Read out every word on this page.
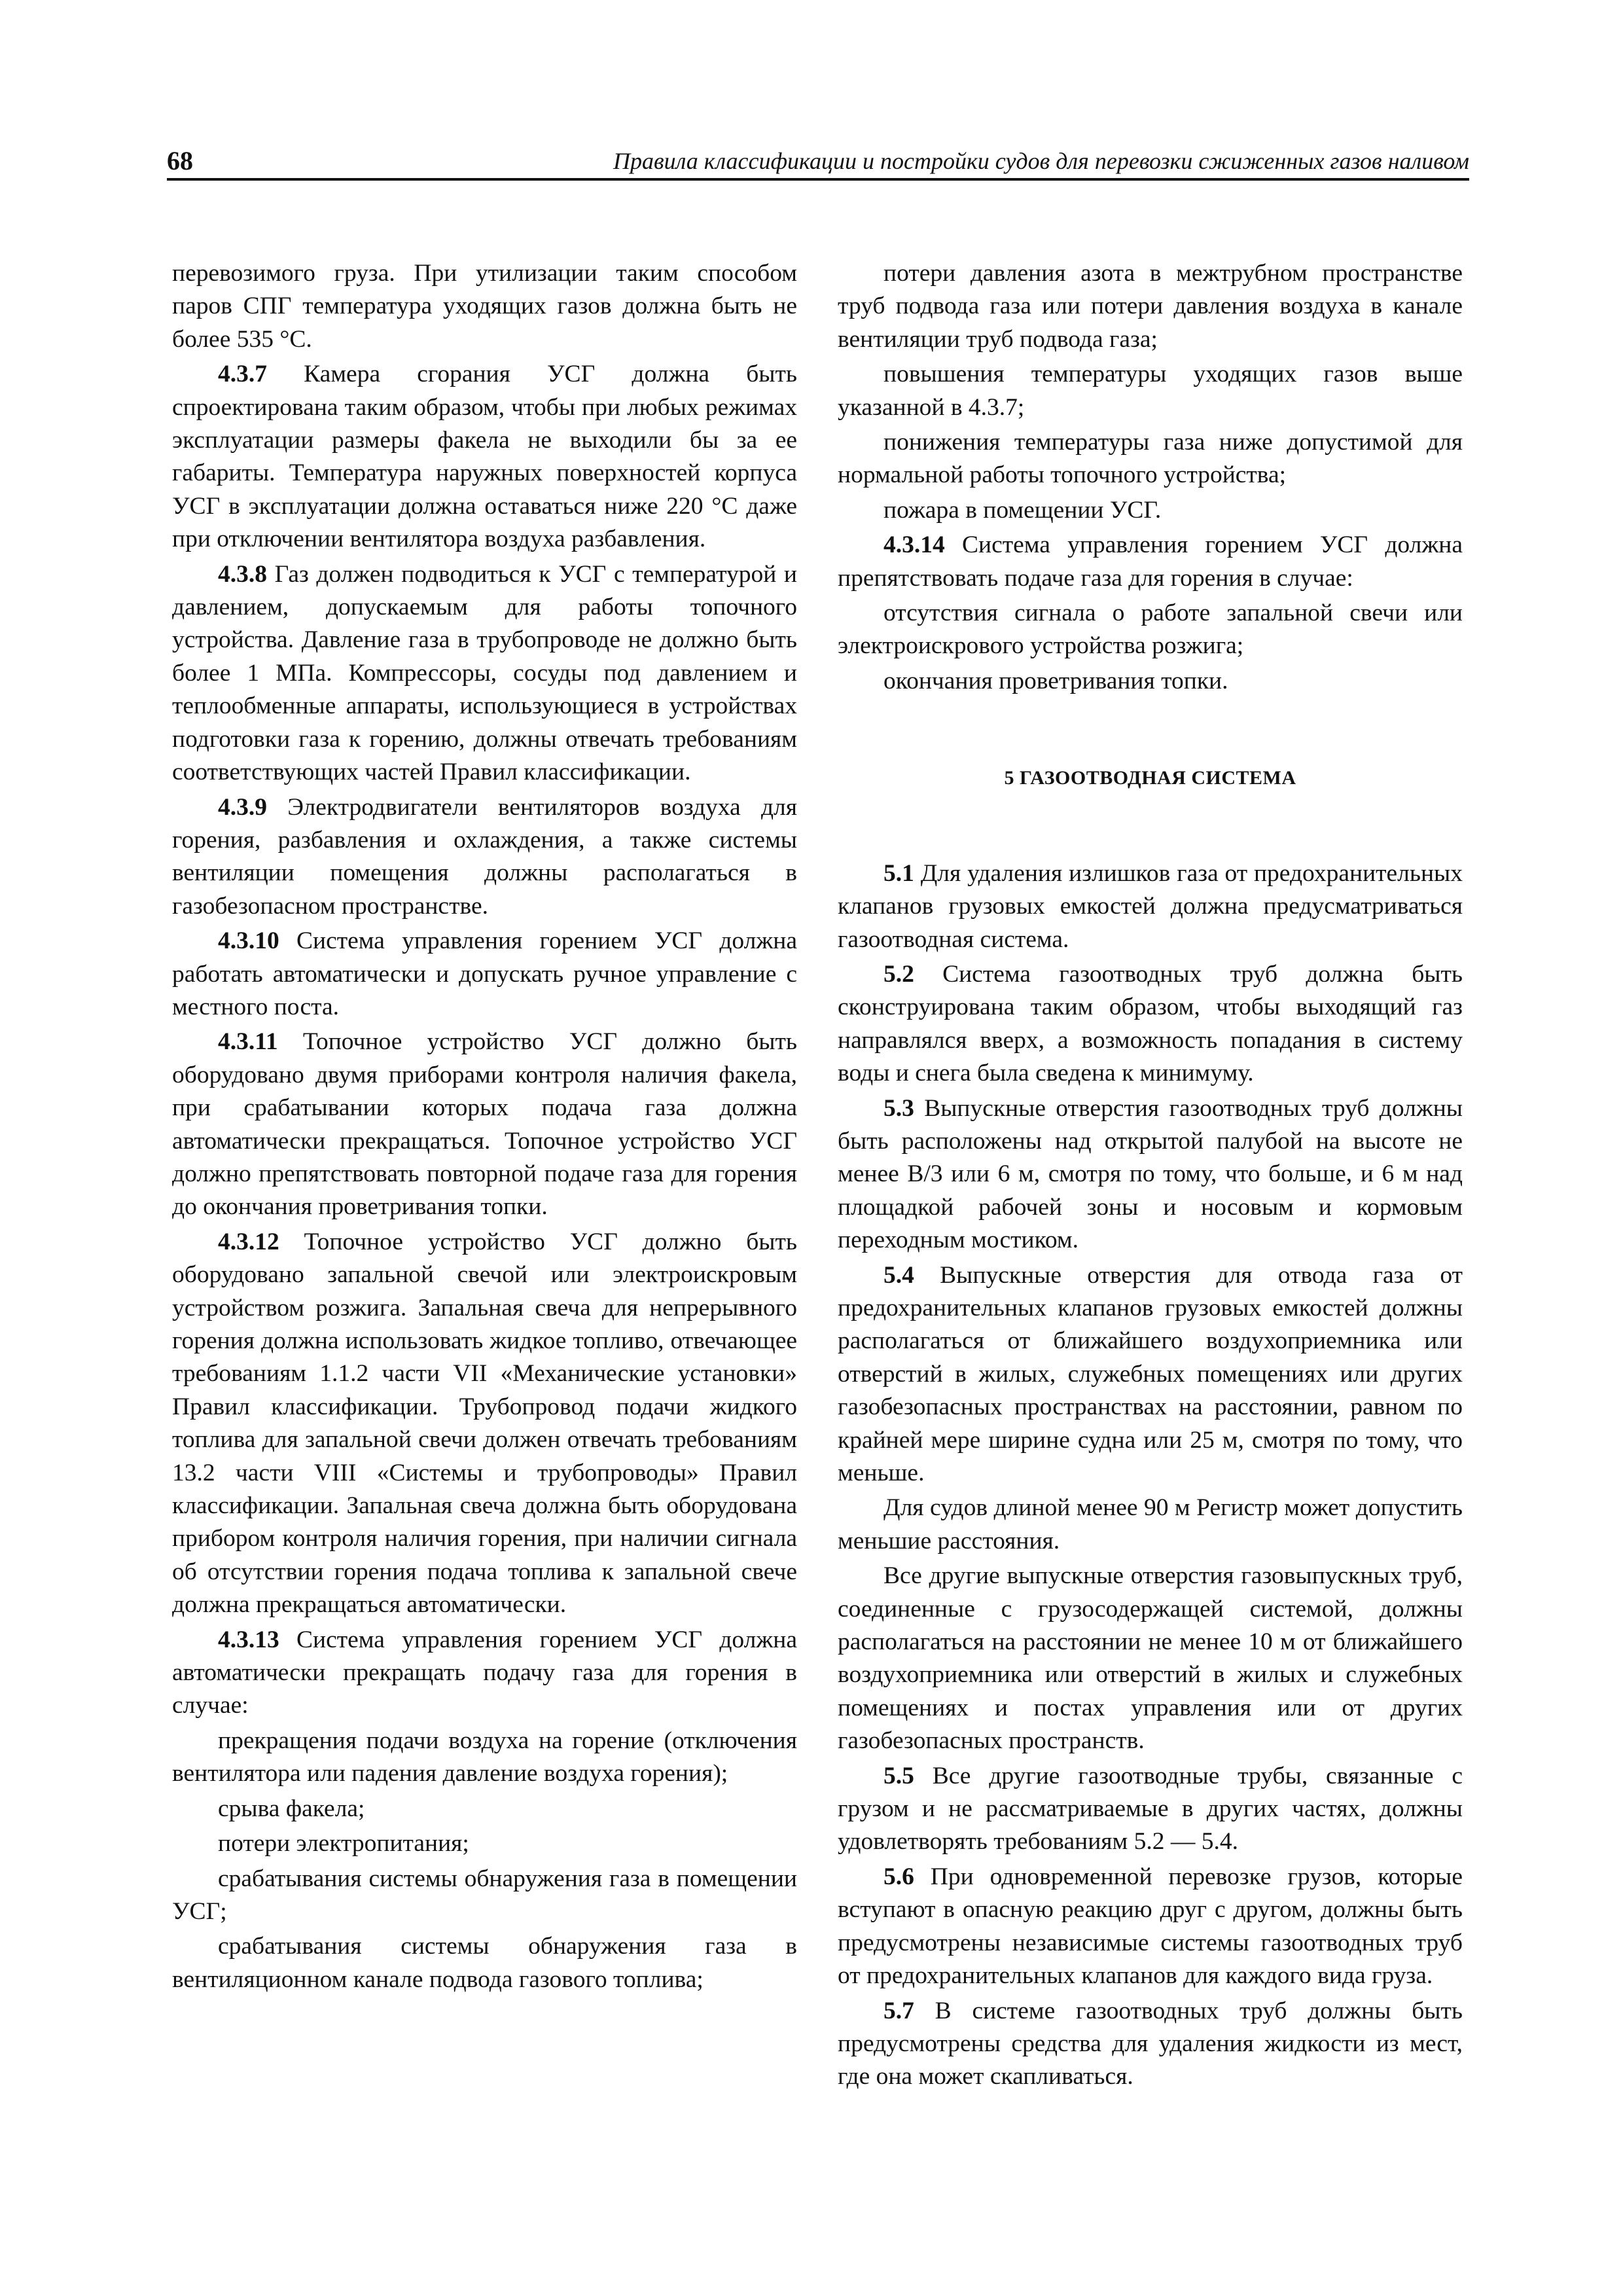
68	Правила классификации и постройки судов для перевозки сжиженных газов наливом

перевозимого груза. При утилизации таким способом паров СПГ температура уходящих газов должна быть не более 535 °С.

4.3.7 Камера сгорания УСГ должна быть спроектирована таким образом, чтобы при любых режимах эксплуатации размеры факела не выходили бы за ее габариты. Температура наружных поверхностей корпуса УСГ в эксплуатации должна оставаться ниже 220 °С даже при отключении вентилятора воздуха разбавления.

4.3.8 Газ должен подводиться к УСГ с температурой и давлением, допускаемым для работы топочного устройства. Давление газа в трубопроводе не должно быть более 1 МПа. Компрессоры, сосуды под давлением и теплообменные аппараты, использующиеся в устройствах подготовки газа к горению, должны отвечать требованиям соответствующих частей Правил классификации.

4.3.9 Электродвигатели вентиляторов воздуха для горения, разбавления и охлаждения, а также системы вентиляции помещения должны располагаться в газобезопасном пространстве.

4.3.10 Система управления горением УСГ должна работать автоматически и допускать ручное управление с местного поста.

4.3.11 Топочное устройство УСГ должно быть оборудовано двумя приборами контроля наличия факела, при срабатывании которых подача газа должна автоматически прекращаться. Топочное устройство УСГ должно препятствовать повторной подаче газа для горения до окончания проветривания топки.

4.3.12 Топочное устройство УСГ должно быть оборудовано запальной свечой или электроискровым устройством розжига. Запальная свеча для непрерывного горения должна использовать жидкое топливо, отвечающее требованиям 1.1.2 части VII «Механические установки» Правил классификации. Трубопровод подачи жидкого топлива для запальной свечи должен отвечать требованиям 13.2 части VIII «Системы и трубопроводы» Правил классификации. Запальная свеча должна быть оборудована прибором контроля наличия горения, при наличии сигнала об отсутствии горения подача топлива к запальной свече должна прекращаться автоматически.

4.3.13 Система управления горением УСГ должна автоматически прекращать подачу газа для горения в случае:

прекращения подачи воздуха на горение (отключения вентилятора или падения давление воздуха горения);

срыва факела;

потери электропитания;

срабатывания системы обнаружения газа в помещении УСГ;

срабатывания системы обнаружения газа в вентиляционном канале подвода газового топлива;

потери давления азота в межтрубном пространстве труб подвода газа или потери давления воздуха в канале вентиляции труб подвода газа;

повышения температуры уходящих газов выше указанной в 4.3.7;

понижения температуры газа ниже допустимой для нормальной работы топочного устройства;

пожара в помещении УСГ.

4.3.14 Система управления горением УСГ должна препятствовать подаче газа для горения в случае:

отсутствия сигнала о работе запальной свечи или электроискрового устройства розжига;

окончания проветривания топки.

5 ГАЗООТВОДНАЯ СИСТЕМА

5.1 Для удаления излишков газа от предохранительных клапанов грузовых емкостей должна предусматриваться газоотводная система.

5.2 Система газоотводных труб должна быть сконструирована таким образом, чтобы выходящий газ направлялся вверх, а возможность попадания в систему воды и снега была сведена к минимуму.

5.3 Выпускные отверстия газоотводных труб должны быть расположены над открытой палубой на высоте не менее B/3 или 6 м, смотря по тому, что больше, и 6 м над площадкой рабочей зоны и носовым и кормовым переходным мостиком.

5.4 Выпускные отверстия для отвода газа от предохранительных клапанов грузовых емкостей должны располагаться от ближайшего воздухоприемника или отверстий в жилых, служебных помещениях или других газобезопасных пространствах на расстоянии, равном по крайней мере ширине судна или 25 м, смотря по тому, что меньше.

Для судов длиной менее 90 м Регистр может допустить меньшие расстояния.

Все другие выпускные отверстия газовыпускных труб, соединенные с грузосодержащей системой, должны располагаться на расстоянии не менее 10 м от ближайшего воздухоприемника или отверстий в жилых и служебных помещениях и постах управления или от других газобезопасных пространств.

5.5 Все другие газоотводные трубы, связанные с грузом и не рассматриваемые в других частях, должны удовлетворять требованиям 5.2 — 5.4.

5.6 При одновременной перевозке грузов, которые вступают в опасную реакцию друг с другом, должны быть предусмотрены независимые системы газоотводных труб от предохранительных клапанов для каждого вида груза.

5.7 В системе газоотводных труб должны быть предусмотрены средства для удаления жидкости из мест, где она может скапливаться.
